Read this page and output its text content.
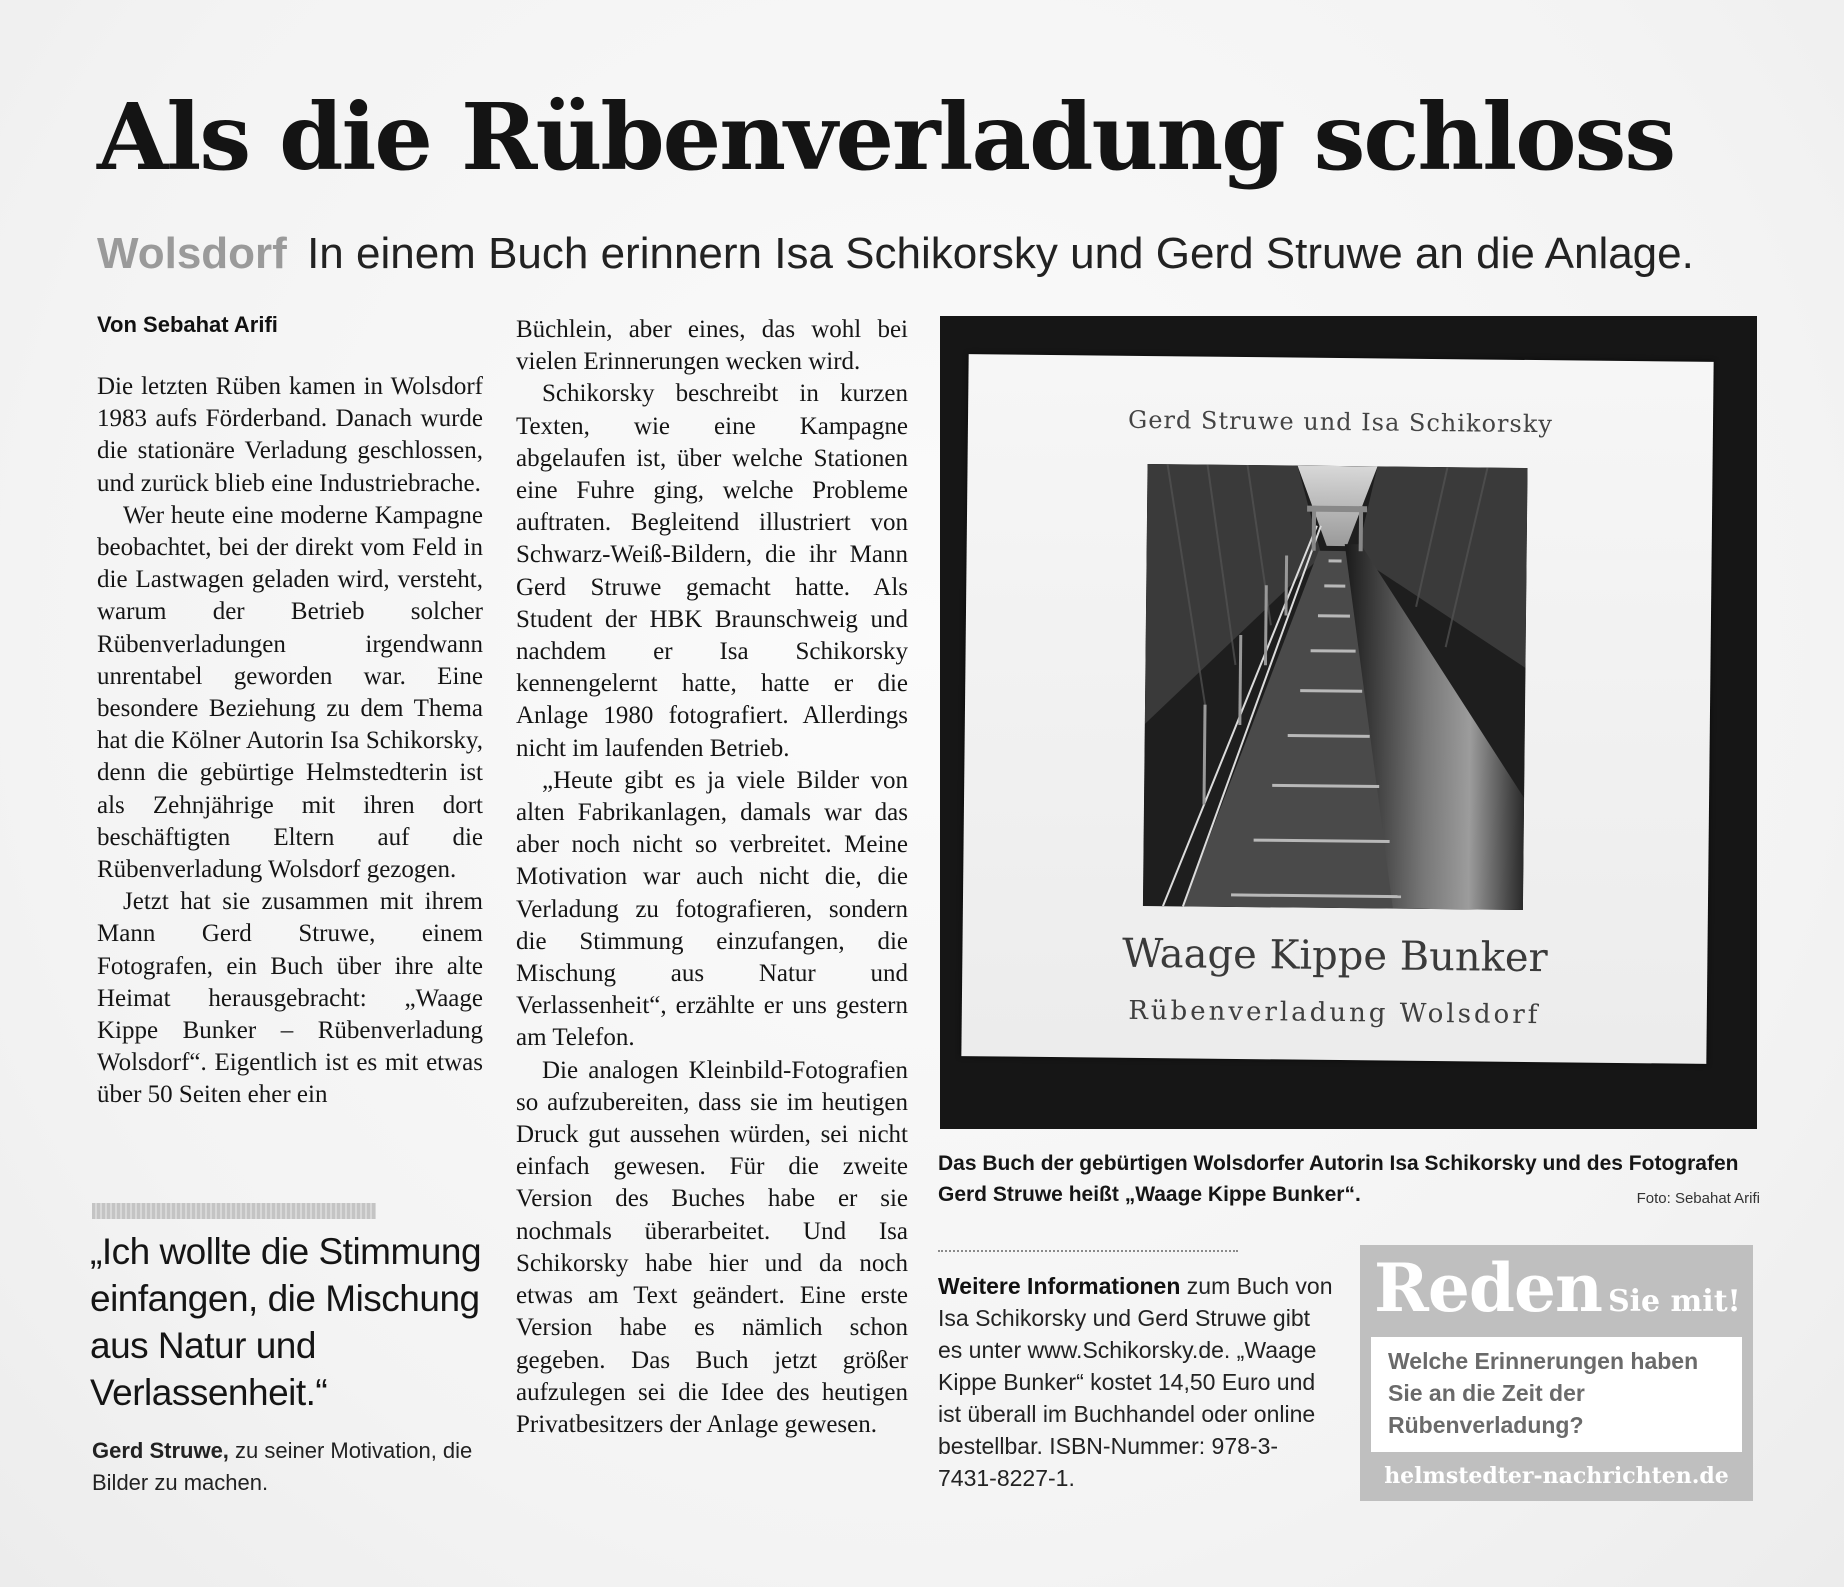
Als die Rübenverladung schloss
Wolsdorf In einem Buch erinnern Isa Schikorsky und Gerd Struwe an die Anlage.
Von Sebahat Arifi

Die letzten Rüben kamen in Wolsdorf 1983 aufs Förderband. Danach wurde die stationäre Verladung geschlossen, und zurück blieb eine Industriebrache.

Wer heute eine moderne Kampagne beobachtet, bei der direkt vom Feld in die Lastwagen geladen wird, versteht, warum der Betrieb solcher Rübenverladungen irgendwann unrentabel geworden war. Eine besondere Beziehung zu dem Thema hat die Kölner Autorin Isa Schikorsky, denn die gebürtige Helmstedterin ist als Zehnjährige mit ihren dort beschäftigten Eltern auf die Rübenverladung Wolsdorf gezogen.

Jetzt hat sie zusammen mit ihrem Mann Gerd Struwe, einem Fotografen, ein Buch über ihre alte Heimat herausgebracht: „Waage Kippe Bunker – Rübenverladung Wolsdorf“. Eigentlich ist es mit etwas über 50 Seiten eher ein

„Ich wollte die Stimmung einfangen, die Mischung aus Natur und Verlassenheit.“
Gerd Struwe, zu seiner Motivation, die Bilder zu machen.

Büchlein, aber eines, das wohl bei vielen Erinnerungen wecken wird.

Schikorsky beschreibt in kurzen Texten, wie eine Kampagne abgelaufen ist, über welche Stationen eine Fuhre ging, welche Probleme auftraten. Begleitend illustriert von Schwarz-Weiß-Bildern, die ihr Mann Gerd Struwe gemacht hatte. Als Student der HBK Braunschweig und nachdem er Isa Schikorsky kennengelernt hatte, hatte er die Anlage 1980 fotografiert. Allerdings nicht im laufenden Betrieb.

„Heute gibt es ja viele Bilder von alten Fabrikanlagen, damals war das aber noch nicht so verbreitet. Meine Motivation war auch nicht die, die Verladung zu fotografieren, sondern die Stimmung einzufangen, die Mischung aus Natur und Verlassenheit“, erzählte er uns gestern am Telefon.

Die analogen Kleinbild-Fotografien so aufzubereiten, dass sie im heutigen Druck gut aussehen würden, sei nicht einfach gewesen. Für die zweite Version des Buches habe er sie nochmals überarbeitet. Und Isa Schikorsky habe hier und da noch etwas am Text geändert. Eine erste Version habe es nämlich schon gegeben. Das Buch jetzt größer aufzulegen sei die Idee des heutigen Privatbesitzers der Anlage gewesen.

Gerd Struwe und Isa Schikorsky
Waage Kippe Bunker
Rübenverladung Wolsdorf
Das Buch der gebürtigen Wolsdorfer Autorin Isa Schikorsky und des Fotografen Gerd Struwe heißt „Waage Kippe Bunker“.	Foto: Sebahat Arifi
Weitere Informationen zum Buch von Isa Schikorsky und Gerd Struwe gibt es unter www.Schikorsky.de. „Waage Kippe Bunker“ kostet 14,50 Euro und ist überall im Buchhandel oder online bestellbar. ISBN-Nummer: 978-3-7431-8227-1.
Reden Sie mit!
Welche Erinnerungen haben Sie an die Zeit der Rübenverladung?
helmstedter-nachrichten.de
